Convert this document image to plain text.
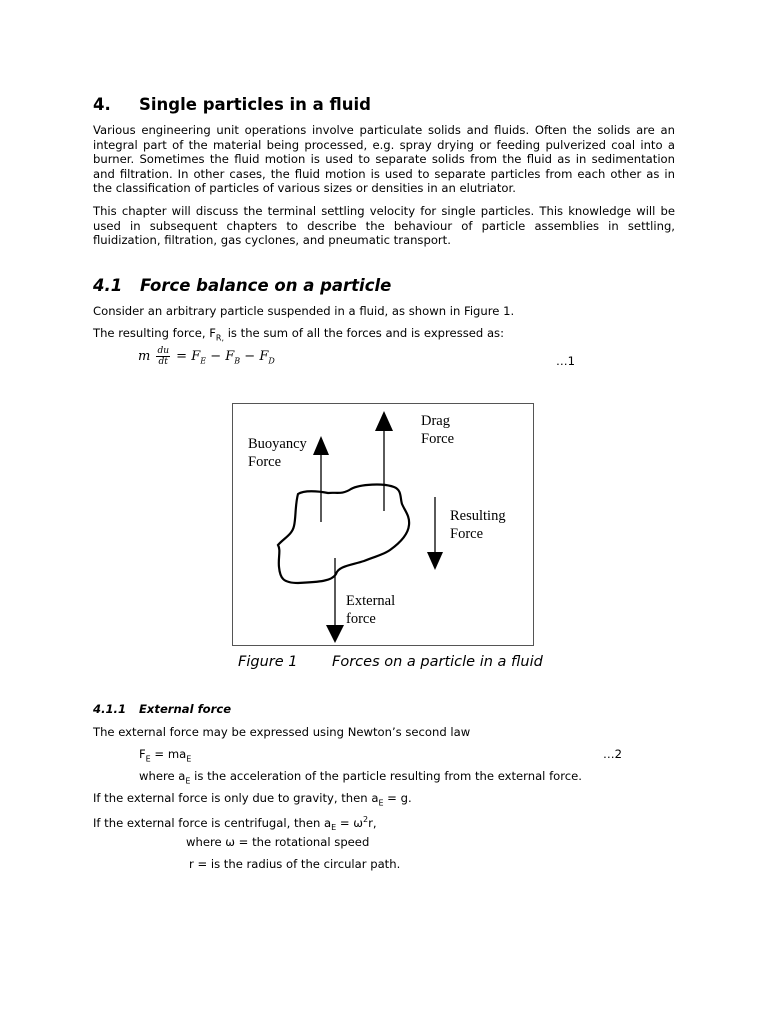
4. Single particles in a fluid
Various engineering unit operations involve particulate solids and fluids. Often the solids are an integral part of the material being processed, e.g. spray drying or feeding pulverized coal into a burner. Sometimes the fluid motion is used to separate solids from the fluid as in sedimentation and filtration. In other cases, the fluid motion is used to separate particles from each other as in the classification of particles of various sizes or densities in an elutriator.
This chapter will discuss the terminal settling velocity for single particles. This knowledge will be used in subsequent chapters to describe the behaviour of particle assemblies in settling, fluidization, filtration, gas cyclones, and pneumatic transport.
4.1 Force balance on a particle
Consider an arbitrary particle suspended in a fluid, as shown in Figure 1.
The resulting force, $F_{R,}$ is the sum of all the forces and is expressed as:
m $\frac{du}{dt} = F_E - F_B - F_D$	…1
Buoyancy Force
Drag Force
Resulting Force
External force
Figure 1 Forces on a particle in a fluid
4.1.1 External force
The external force may be expressed using Newton’s second law
$F_E = ma_E$	…2
where $a_E$ is the acceleration of the particle resulting from the external force.
If the external force is only due to gravity, then $a_E = g$.
If the external force is centrifugal, then $a_E = \omega^2r$,
where ω = the rotational speed
r = is the radius of the circular path.
